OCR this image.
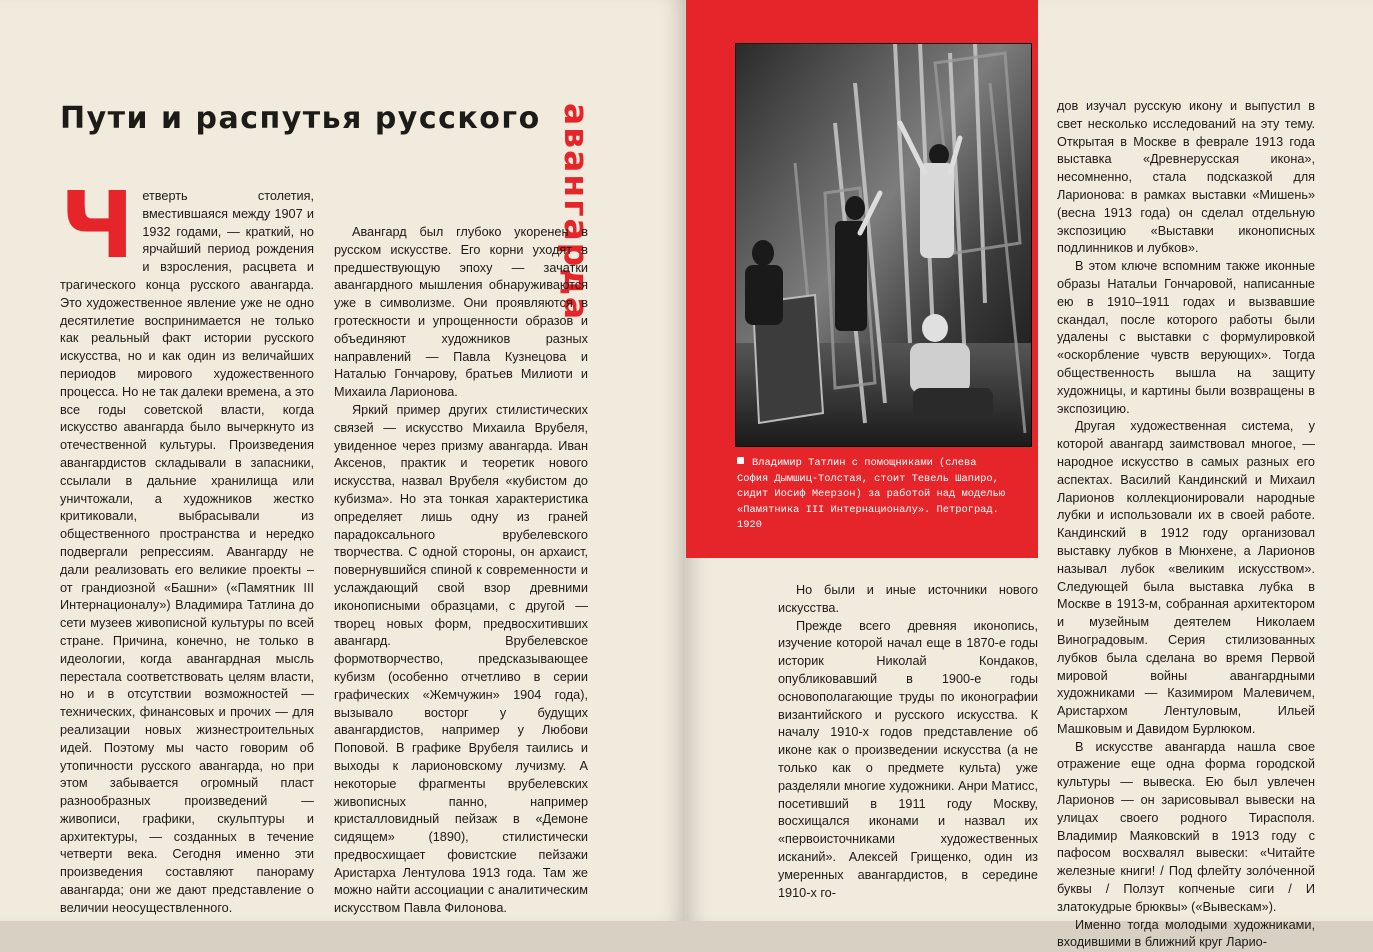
Пути и распутья русского авангарда

Четверть столетия, вместившаяся между 1907 и 1932 годами, — краткий, но ярчайший период рождения и взросления, расцвета и трагического конца русского авангарда. Это художественное явление уже не одно десятилетие воспринимается не только как реальный факт истории русского искусства, но и как один из величайших периодов мирового художественного процесса. Но не так далеки времена, а это все годы советской власти, когда искусство авангарда было вычеркнуто из отечественной культуры. Произведения авангардистов складывали в запасники, ссылали в дальние хранилища или уничтожали, а художников жестко критиковали, выбрасывали из общественного пространства и нередко подвергали репрессиям. Авангарду не дали реализовать его великие проекты – от грандиозной «Башни» («Памятник III Интернационалу») Владимира Татлина до сети музеев живописной культуры по всей стране. Причина, конечно, не только в идеологии, когда авангардная мысль перестала соответствовать целям власти, но и в отсутствии возможностей — технических, финансовых и прочих — для реализации новых жизнестроительных идей. Поэтому мы часто говорим об утопичности русского авангарда, но при этом забывается огромный пласт разнообразных произведений — живописи, графики, скульптуры и архитектуры, — созданных в течение четверти века. Сегодня именно эти произведения составляют панораму авангарда; они же дают представление о величии неосуществленного.

Авангард был глубоко укоренен в русском искусстве. Его корни уходят в предшествующую эпоху — зачатки авангардного мышления обнаруживаются уже в символизме. Они проявляются в гротескности и упрощенности образов и объединяют художников разных направлений — Павла Кузнецова и Наталью Гончарову, братьев Милиоти и Михаила Ларионова.

Яркий пример других стилистических связей — искусство Михаила Врубеля, увиденное через призму авангарда. Иван Аксенов, практик и теоретик нового искусства, назвал Врубеля «кубистом до кубизма». Но эта тонкая характеристика определяет лишь одну из граней парадоксального врубелевского творчества. С одной стороны, он архаист, повернувшийся спиной к современности и услаждающий свой взор древними иконописными образцами, с другой — творец новых форм, предвосхитивших авангард. Врубелевское формотворчество, предсказывающее кубизм (особенно отчетливо в серии графических «Жемчужин» 1904 года), вызывало восторг у будущих авангардистов, например у Любови Поповой. В графике Врубеля таились и выходы к ларионовскому лучизму. А некоторые фрагменты врубелевских живописных панно, например кристалловидный пейзаж в «Демоне сидящем» (1890), стилистически предвосхищает фовистские пейзажи Аристарха Лентулова 1913 года. Там же можно найти ассоциации с аналитическим искусством Павла Филонова.

Владимир Татлин с помощниками (слева София Дымшиц-Толстая, стоит Тевель Шапиро, сидит Иосиф Меерзон) за работой над моделью «Памятника III Интернационалу». Петроград. 1920

Но были и иные источники нового искусства.

Прежде всего древняя иконопись, изучение которой начал еще в 1870-е годы историк Николай Кондаков, опубликовавший в 1900-е годы основополагающие труды по иконографии византийского и русского искусства. К началу 1910-х годов представление об иконе как о произведении искусства (а не только как о предмете культа) уже разделяли многие художники. Анри Матисс, посетивший в 1911 году Москву, восхищался иконами и назвал их «первоисточниками художественных исканий». Алексей Грищенко, один из умеренных авангардистов, в середине 1910-х го-

дов изучал русскую икону и выпустил в свет несколько исследований на эту тему. Открытая в Москве в феврале 1913 года выставка «Древнерусская икона», несомненно, стала подсказкой для Ларионова: в рамках выставки «Мишень» (весна 1913 года) он сделал отдельную экспозицию «Выставки иконописных подлинников и лубков».

В этом ключе вспомним также иконные образы Натальи Гончаровой, написанные ею в 1910–1911 годах и вызвавшие скандал, после которого работы были удалены с выставки с формулировкой «оскорбление чувств верующих». Тогда общественность вышла на защиту художницы, и картины были возвращены в экспозицию.

Другая художественная система, у которой авангард заимствовал многое, — народное искусство в самых разных его аспектах. Василий Кандинский и Михаил Ларионов коллекционировали народные лубки и использовали их в своей работе. Кандинский в 1912 году организовал выставку лубков в Мюнхене, а Ларионов называл лубок «великим искусством». Следующей была выставка лубка в Москве в 1913-м, собранная архитектором и музейным деятелем Николаем Виноградовым. Серия стилизованных лубков была сделана во время Первой мировой войны авангардными художниками — Казимиром Малевичем, Аристархом Лентуловым, Ильей Машковым и Давидом Бурлюком.

В искусстве авангарда нашла свое отражение еще одна форма городской культуры — вывеска. Ею был увлечен Ларионов — он зарисовывал вывески на улицах своего родного Тирасполя. Владимир Маяковский в 1913 году с пафосом восхвалял вывески: «Читайте железные книги! / Под флейту золóченной буквы / Ползут копченые сиги / И златокудрые брюквы» («Вывескам»).

Именно тогда молодыми художниками, входившими в ближний круг Ларио-
